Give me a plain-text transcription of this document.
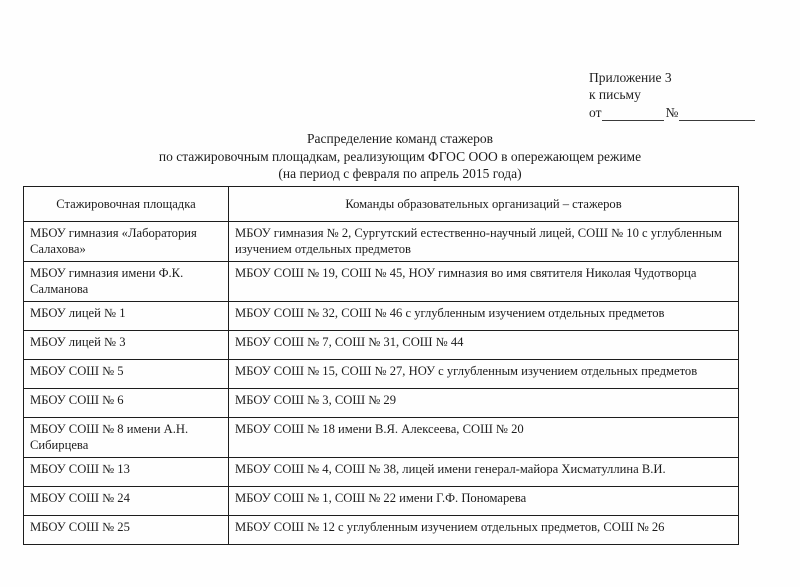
Приложение 3
к письму
от	№
Распределение команд стажеров
по стажировочным площадкам, реализующим ФГОС ООО в опережающем режиме
(на период с февраля по апрель 2015 года)
Стажировочная площадка	Команды образовательных организаций – стажеров
МБОУ гимназия «Лаборатория Салахова»	МБОУ гимназия № 2, Сургутский естественно-научный лицей, СОШ № 10 с углубленным изучением отдельных предметов
МБОУ гимназия имени Ф.К. Салманова	МБОУ СОШ № 19, СОШ № 45, НОУ гимназия во имя святителя Николая Чудотворца
МБОУ лицей № 1	МБОУ СОШ № 32, СОШ № 46 с углубленным изучением отдельных предметов
МБОУ лицей № 3	МБОУ СОШ № 7, СОШ № 31, СОШ № 44
МБОУ СОШ № 5	МБОУ СОШ № 15, СОШ № 27, НОУ с углубленным изучением отдельных предметов
МБОУ СОШ № 6	МБОУ СОШ № 3, СОШ № 29
МБОУ СОШ № 8 имени А.Н. Сибирцева	МБОУ СОШ № 18 имени В.Я. Алексеева, СОШ № 20
МБОУ СОШ № 13	МБОУ СОШ № 4, СОШ № 38, лицей имени генерал-майора Хисматуллина В.И.
МБОУ СОШ № 24	МБОУ СОШ № 1, СОШ № 22 имени Г.Ф. Пономарева
МБОУ СОШ № 25	МБОУ СОШ № 12 с углубленным изучением отдельных предметов, СОШ № 26
